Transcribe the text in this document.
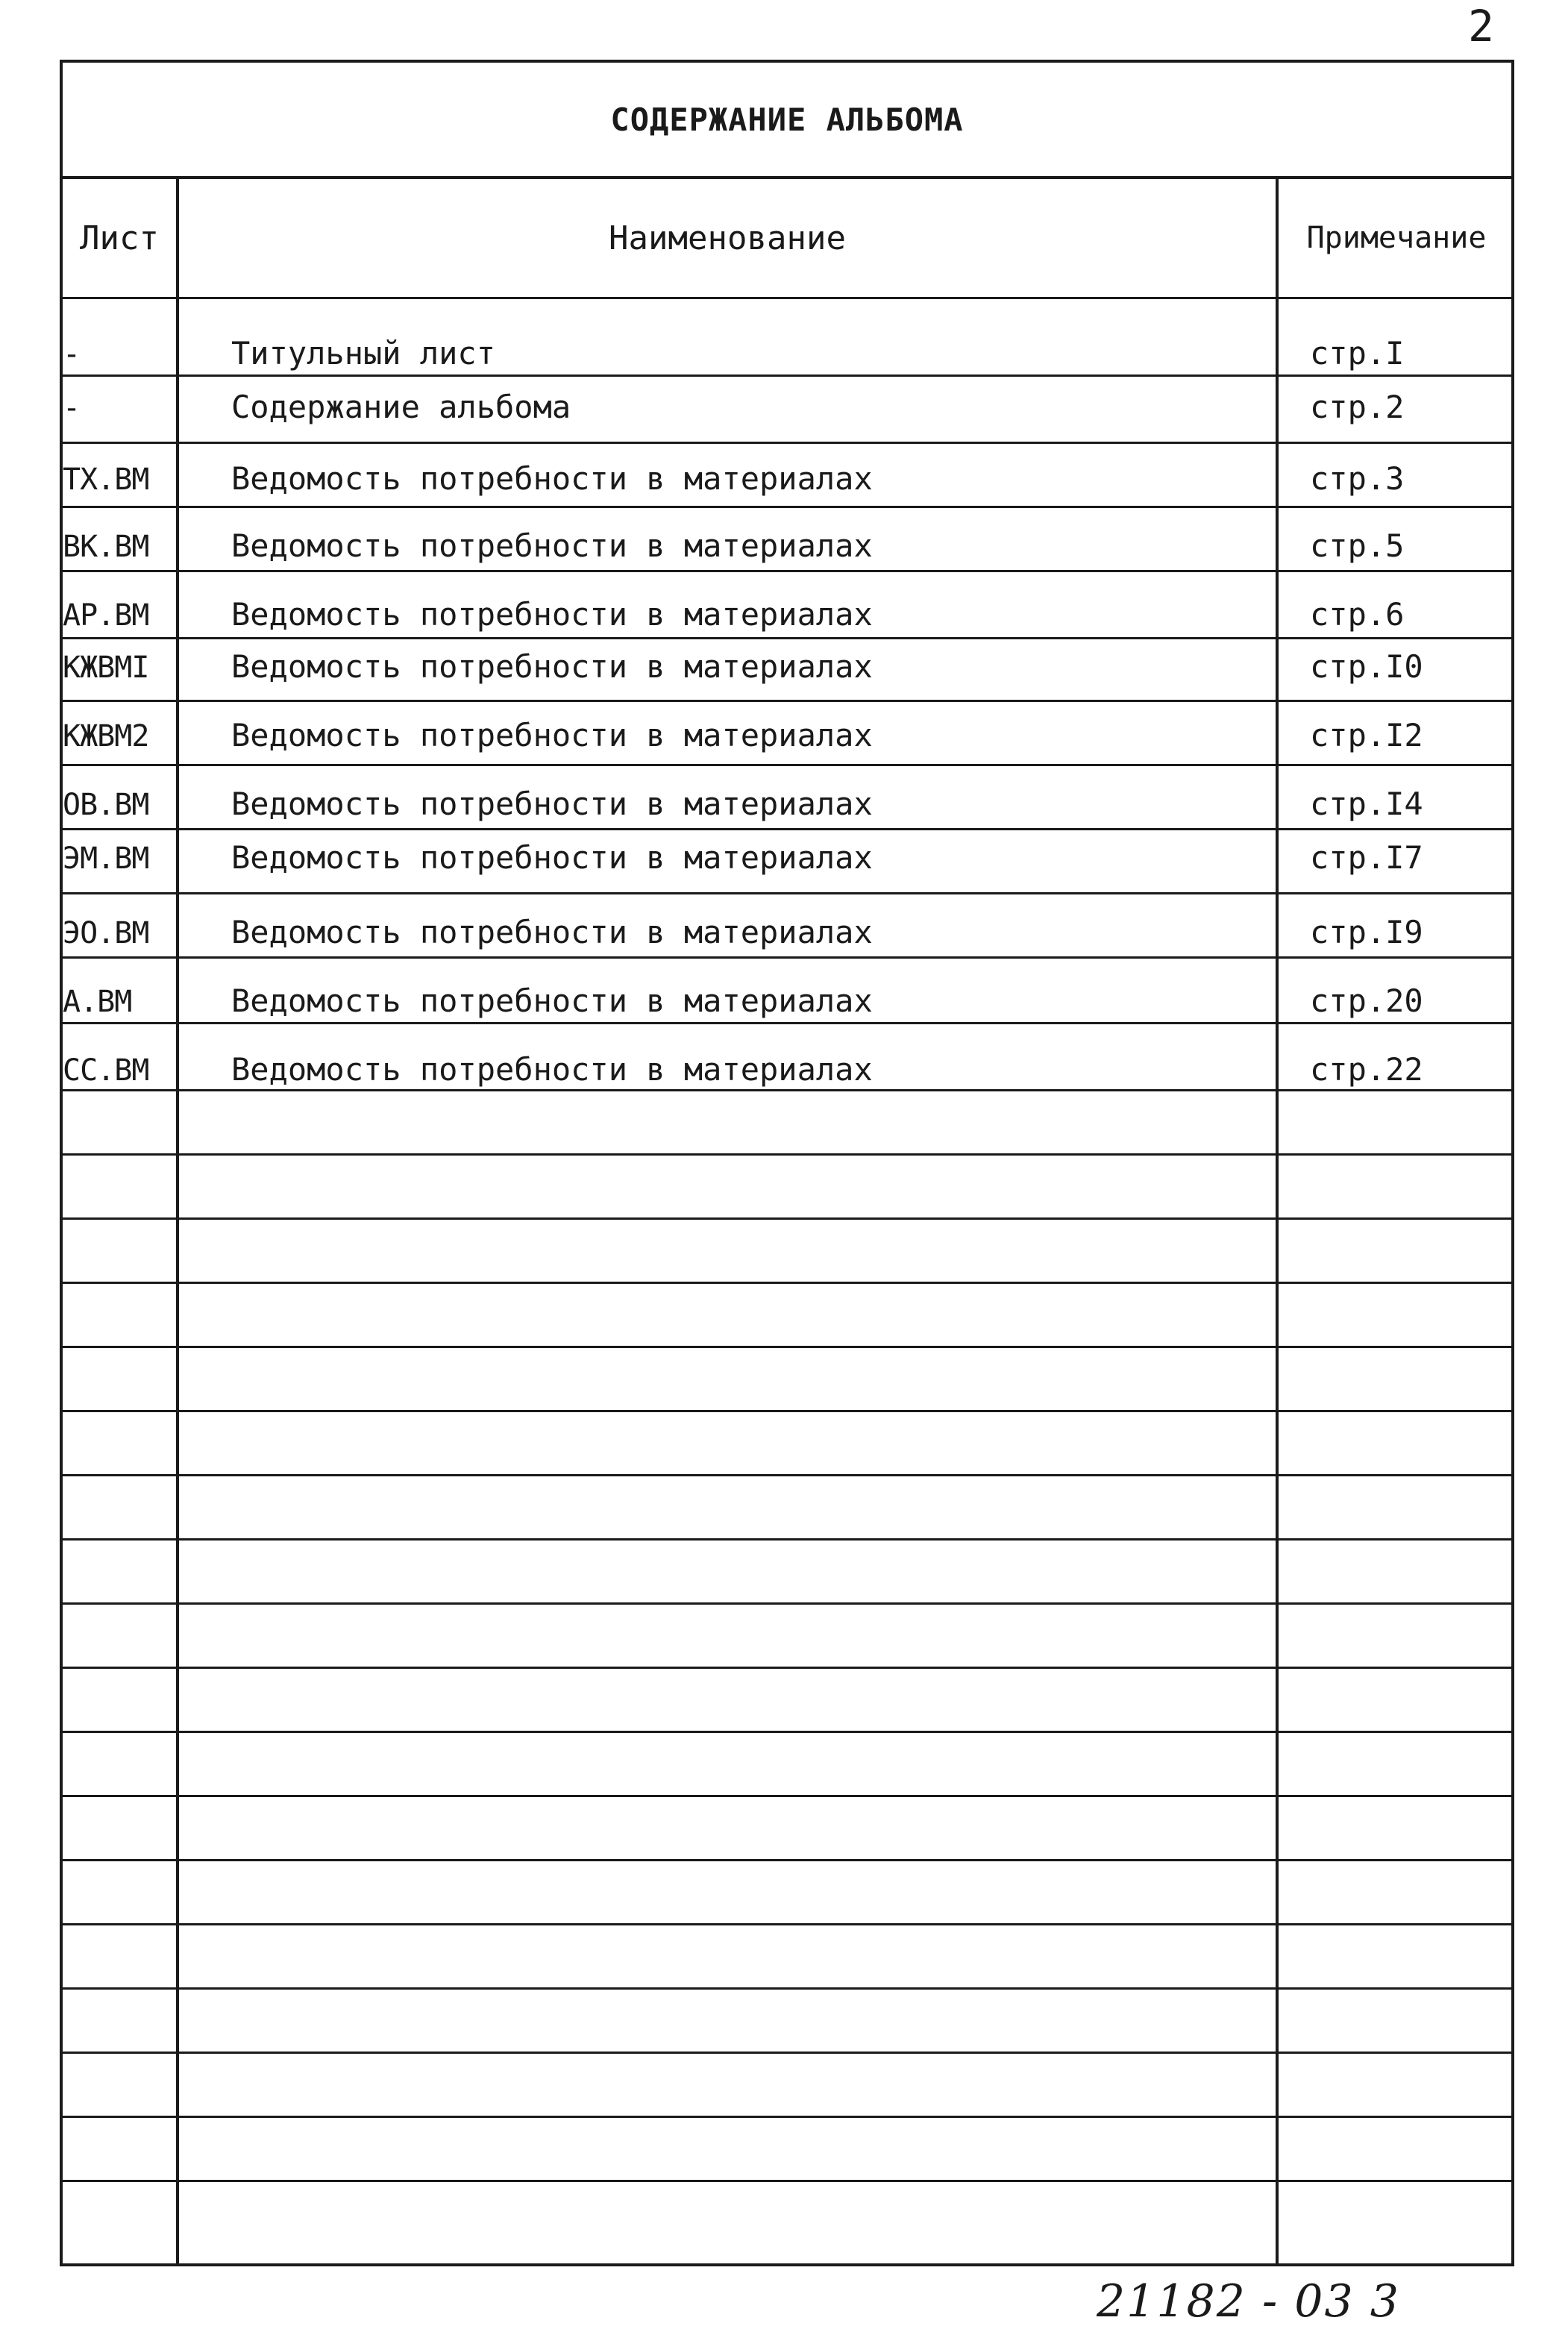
2
СОДЕРЖАНИЕ АЛЬБОМА
Лист	Наименование	Примечание
-	Титульный лист	стр.I
-	Содержание альбома	стр.2
ТХ.ВМ	Ведомость потребности в материалах	стр.3
ВК.ВМ	Ведомость потребности в материалах	стр.5
АР.ВМ	Ведомость потребности в материалах	стр.6
КЖВМI	Ведомость потребности в материалах	стр.I0
КЖВМ2	Ведомость потребности в материалах	стр.I2
ОВ.ВМ	Ведомость потребности в материалах	стр.I4
ЭМ.ВМ	Ведомость потребности в материалах	стр.I7
ЭО.ВМ	Ведомость потребности в материалах	стр.I9
А.ВМ	Ведомость потребности в материалах	стр.20
СС.ВМ	Ведомость потребности в материалах	стр.22
21182 - 03 3
